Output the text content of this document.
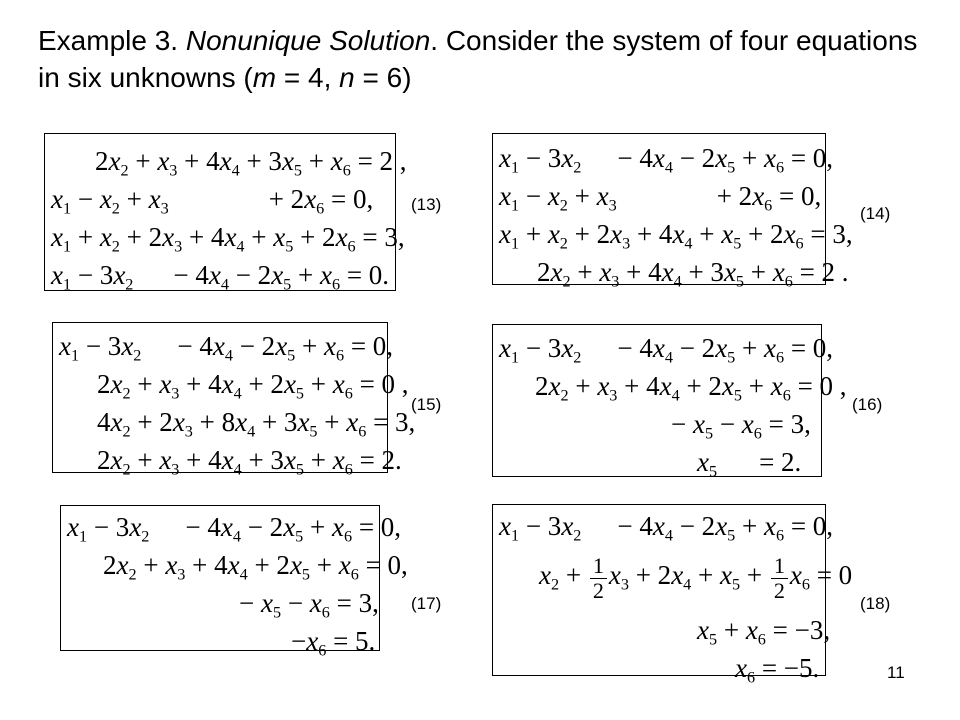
Example 3. Nonunique Solution. Consider the system of four equations in six unknowns (m = 4, n = 6)
$2x_2 + x_3 + 4x_4 + 3x_5 + x_6 = 2$ ,
$x_1 - x_2 + x_3$	+ $2x_6 = 0$,
$x_1 + x_2 + 2x_3 + 4x_4 + x_5 + 2x_6 = 3$,
$x_1 - 3x_2 - 4x_4 - 2x_5 + x_6 = 0$.
(13)
$x_1 - 3x_2 - 4x_4 - 2x_5 + x_6 = 0$,
$x_1 - x_2 + x_3$	+ $2x_6 = 0$,
$x_1 + x_2 + 2x_3 + 4x_4 + x_5 + 2x_6 = 3$,
$2x_2 + x_3 + 4x_4 + 3x_5 + x_6 = 2$ .
(14)
$x_1 - 3x_2 - 4x_4 - 2x_5 + x_6 = 0$,
$2x_2 + x_3 + 4x_4 + 2x_5 + x_6 = 0$ ,
$4x_2 + 2x_3 + 8x_4 + 3x_5 + x_6 = 3$,
$2x_2 + x_3 + 4x_4 + 3x_5 + x_6 = 2$.
(15)
$x_1 - 3x_2 - 4x_4 - 2x_5 + x_6 = 0$,
$2x_2 + x_3 + 4x_4 + 2x_5 + x_6 = 0$ ,
− $x_5 - x_6 = 3$,
$x_5 = 2$.
(16)
$x_1 - 3x_2 - 4x_4 - 2x_5 + x_6 = 0$,
$2x_2 + x_3 + 4x_4 + 2x_5 + x_6 = 0$,
− $x_5 - x_6 = 3$,
$-x_6 = 5$.
(17)
$x_1 - 3x_2 - 4x_4 - 2x_5 + x_6 = 0$,
$x_2 + \frac{1}{2} x_3 + 2x_4 + x_5 + \frac{1}{2} x_6 = 0$
$x_5 + x_6 = -3$,
$x_6 = -5$.
(18)
11
